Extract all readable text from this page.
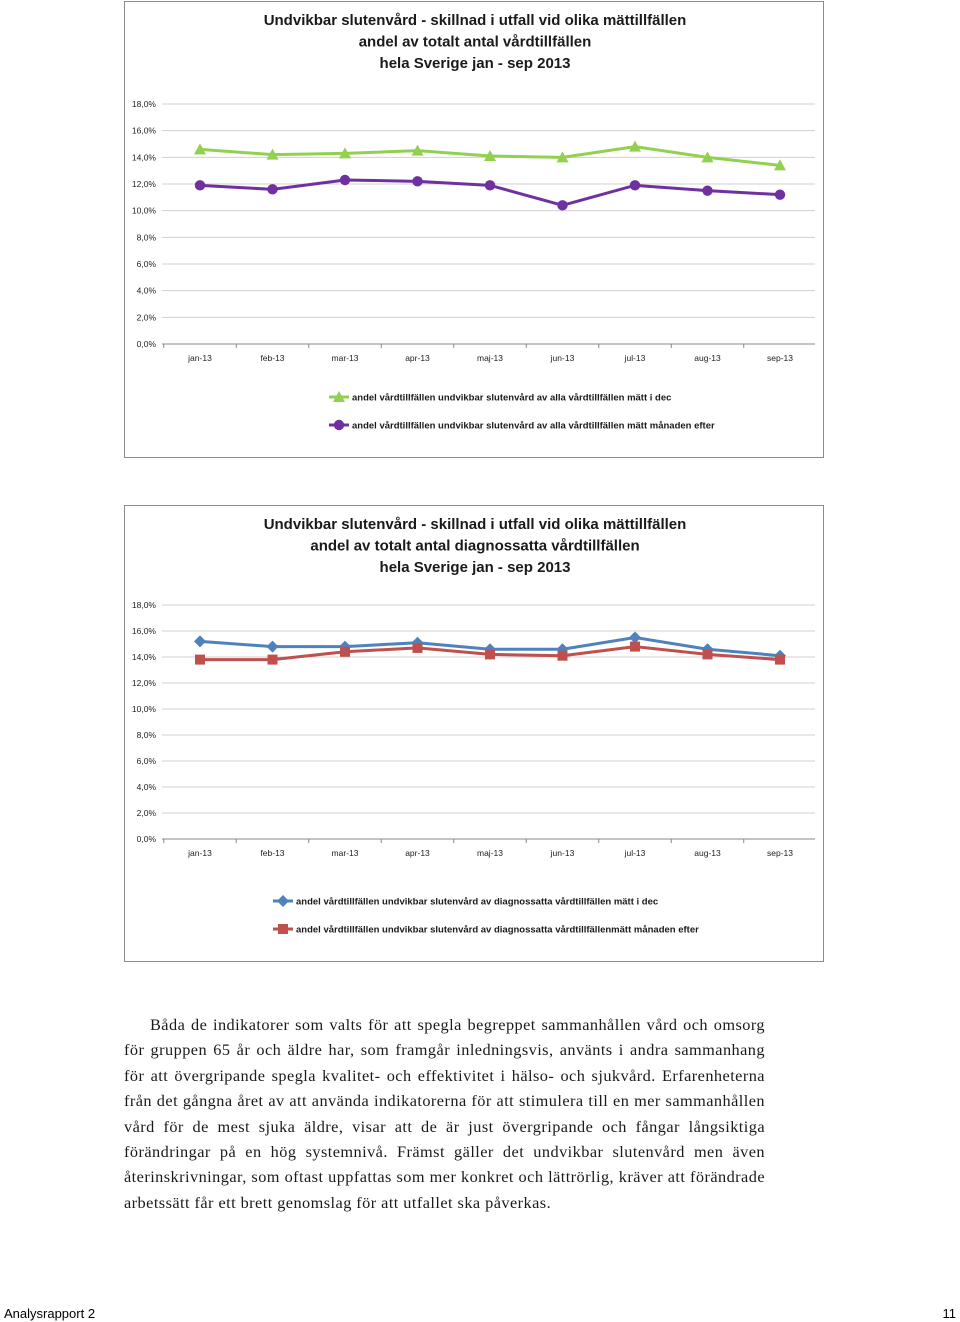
Undvikbar slutenvård - skillnad i utfall vid olika mättillfällen
andel av totalt antal vårdtillfällen
hela Sverige jan - sep 2013
0,0%
2,0%
4,0%
6,0%
8,0%
10,0%
12,0%
14,0%
16,0%
18,0%
jan-13	feb-13	mar-13	apr-13	maj-13	jun-13	jul-13	aug-13	sep-13
andel vårdtillfällen undvikbar slutenvård av alla vårdtillfällen mätt i dec
andel vårdtillfällen undvikbar slutenvård av alla vårdtillfällen mätt månaden efter
Undvikbar slutenvård - skillnad i utfall vid olika mättillfällen
andel av totalt antal diagnossatta vårdtillfällen
hela Sverige jan - sep 2013
0,0%
2,0%
4,0%
6,0%
8,0%
10,0%
12,0%
14,0%
16,0%
18,0%
jan-13	feb-13	mar-13	apr-13	maj-13	jun-13	jul-13	aug-13	sep-13
andel vårdtillfällen undvikbar slutenvård av diagnossatta vårdtillfällen mätt i dec
andel vårdtillfällen undvikbar slutenvård av diagnossatta vårdtillfällenmätt månaden efter

Båda de indikatorer som valts för att spegla begreppet sammanhållen vård och omsorg för gruppen 65 år och äldre har, som framgår inledningsvis, använts i andra sammanhang för att övergripande spegla kvalitet- och effektivitet i hälso- och sjukvård. Erfarenheterna från det gångna året av att använda indikatorerna för att stimulera till en mer sammanhållen vård för de mest sjuka äldre, visar att de är just övergripande och fångar långsiktiga förändringar på en hög systemnivå. Främst gäller det undvikbar slutenvård men även återinskrivningar, som oftast uppfattas som mer konkret och lättrörlig, kräver att förändrade arbetssätt får ett brett genomslag för att utfallet ska påverkas.

Analysrapport 2	11
